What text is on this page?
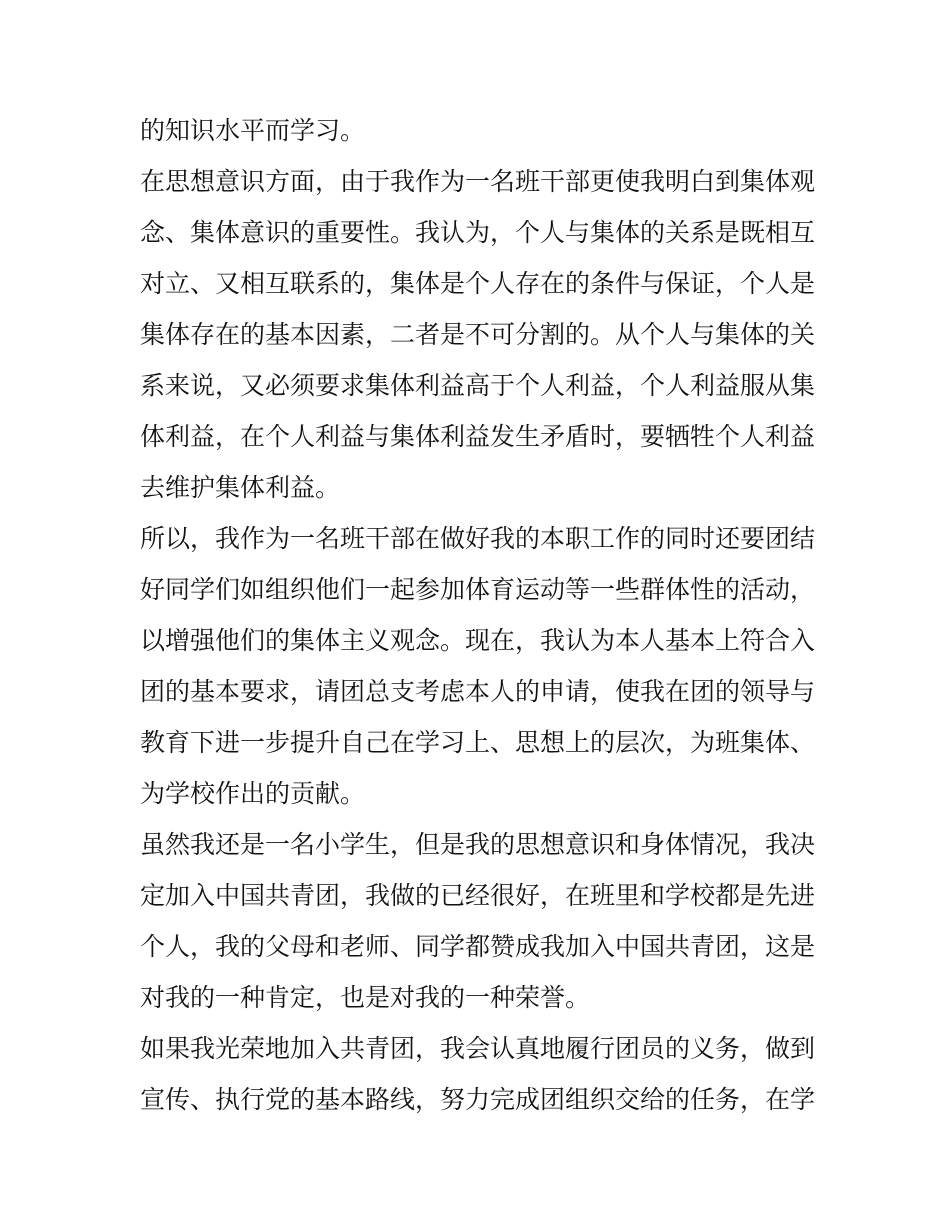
的知识水平而学习。
在思想意识方面，由于我作为一名班干部更使我明白到集体观
念、集体意识的重要性。我认为，个人与集体的关系是既相互
对立、又相互联系的，集体是个人存在的条件与保证，个人是
集体存在的基本因素，二者是不可分割的。从个人与集体的关
系来说，又必须要求集体利益高于个人利益，个人利益服从集
体利益，在个人利益与集体利益发生矛盾时，要牺牲个人利益
去维护集体利益。
所以，我作为一名班干部在做好我的本职工作的同时还要团结
好同学们如组织他们一起参加体育运动等一些群体性的活动，
以增强他们的集体主义观念。现在，我认为本人基本上符合入
团的基本要求，请团总支考虑本人的申请，使我在团的领导与
教育下进一步提升自己在学习上、思想上的层次，为班集体、
为学校作出的贡献。
虽然我还是一名小学生，但是我的思想意识和身体情况，我决
定加入中国共青团，我做的已经很好，在班里和学校都是先进
个人，我的父母和老师、同学都赞成我加入中国共青团，这是
对我的一种肯定，也是对我的一种荣誉。
如果我光荣地加入共青团，我会认真地履行团员的义务，做到
宣传、执行党的基本路线，努力完成团组织交给的任务，在学
